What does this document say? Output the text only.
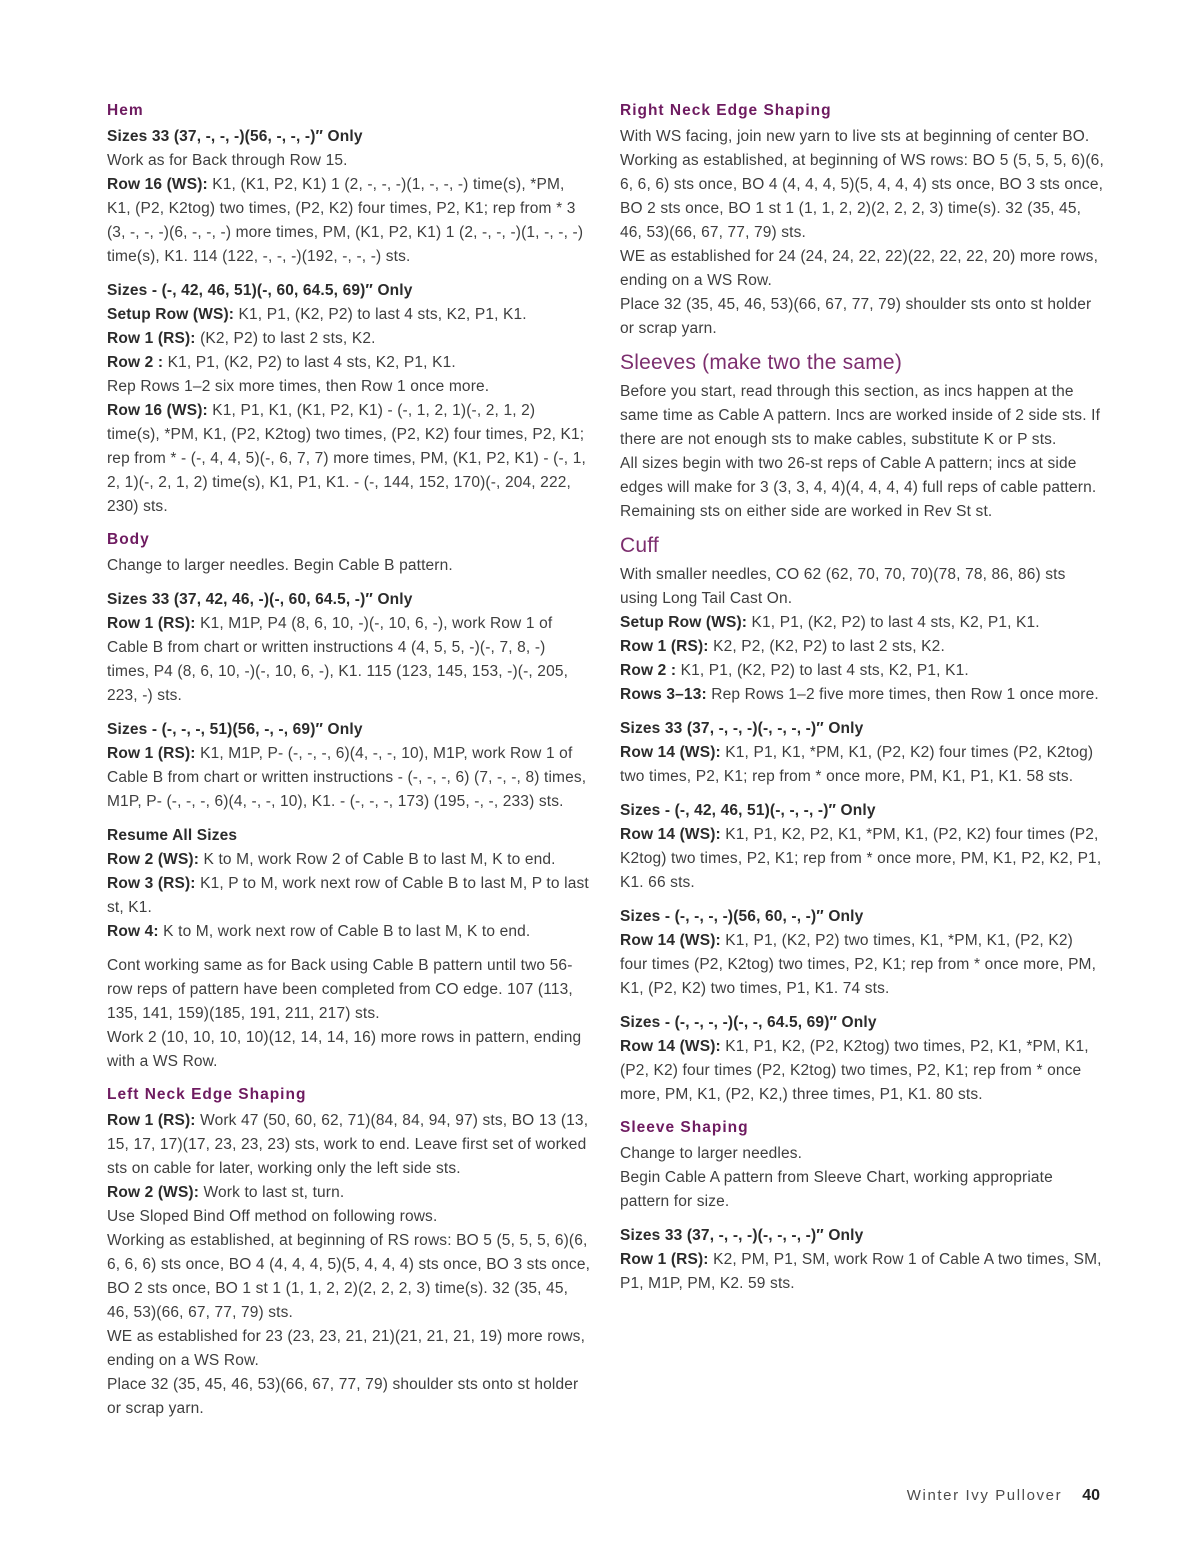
Hem

Sizes 33 (37, -, -, -)(56, -, -, -)″ Only

Work as for Back through Row 15.

Row 16 (WS): K1, (K1, P2, K1) 1 (2, -, -, -)(1, -, -, -) time(s), *PM, K1, (P2, K2tog) two times, (P2, K2) four times, P2, K1; rep from * 3 (3, -, -, -)(6, -, -, -) more times, PM, (K1, P2, K1) 1 (2, -, -, -)(1, -, -, -) time(s), K1. 114 (122, -, -, -)(192, -, -, -) sts.

Sizes - (-, 42, 46, 51)(-, 60, 64.5, 69)″ Only

Setup Row (WS): K1, P1, (K2, P2) to last 4 sts, K2, P1, K1.

Row 1 (RS): (K2, P2) to last 2 sts, K2.

Row 2 : K1, P1, (K2, P2) to last 4 sts, K2, P1, K1.

Rep Rows 1–2 six more times, then Row 1 once more.

Row 16 (WS): K1, P1, K1, (K1, P2, K1) - (-, 1, 2, 1)(-, 2, 1, 2) time(s), *PM, K1, (P2, K2tog) two times, (P2, K2) four times, P2, K1; rep from * - (-, 4, 4, 5)(-, 6, 7, 7) more times, PM, (K1, P2, K1) - (-, 1, 2, 1)(-, 2, 1, 2) time(s), K1, P1, K1. - (-, 144, 152, 170)(-, 204, 222, 230) sts.

Body

Change to larger needles. Begin Cable B pattern.

Sizes 33 (37, 42, 46, -)(-, 60, 64.5, -)″ Only

Row 1 (RS): K1, M1P, P4 (8, 6, 10, -)(-, 10, 6, -), work Row 1 of Cable B from chart or written instructions 4 (4, 5, 5, -)(-, 7, 8, -) times, P4 (8, 6, 10, -)(-, 10, 6, -), K1. 115 (123, 145, 153, -)(-, 205, 223, -) sts.

Sizes - (-, -, -, 51)(56, -, -, 69)″ Only

Row 1 (RS): K1, M1P, P- (-, -, -, 6)(4, -, -, 10), M1P, work Row 1 of Cable B from chart or written instructions - (-, -, -, 6) (7, -, -, 8) times, M1P, P- (-, -, -, 6)(4, -, -, 10), K1. - (-, -, -, 173) (195, -, -, 233) sts.

Resume All Sizes

Row 2 (WS): K to M, work Row 2 of Cable B to last M, K to end.

Row 3 (RS): K1, P to M, work next row of Cable B to last M, P to last st, K1.

Row 4: K to M, work next row of Cable B to last M, K to end.

Cont working same as for Back using Cable B pattern until two 56-row reps of pattern have been completed from CO edge. 107 (113, 135, 141, 159)(185, 191, 211, 217) sts.

Work 2 (10, 10, 10, 10)(12, 14, 14, 16) more rows in pattern, ending with a WS Row.

Left Neck Edge Shaping

Row 1 (RS): Work 47 (50, 60, 62, 71)(84, 84, 94, 97) sts, BO 13 (13, 15, 17, 17)(17, 23, 23, 23) sts, work to end. Leave first set of worked sts on cable for later, working only the left side sts.

Row 2 (WS): Work to last st, turn.

Use Sloped Bind Off method on following rows.

Working as established, at beginning of RS rows: BO 5 (5, 5, 5, 6)(6, 6, 6, 6) sts once, BO 4 (4, 4, 4, 5)(5, 4, 4, 4) sts once, BO 3 sts once, BO 2 sts once, BO 1 st 1 (1, 1, 2, 2)(2, 2, 2, 3) time(s). 32 (35, 45, 46, 53)(66, 67, 77, 79) sts.

WE as established for 23 (23, 23, 21, 21)(21, 21, 21, 19) more rows, ending on a WS Row.

Place 32 (35, 45, 46, 53)(66, 67, 77, 79) shoulder sts onto st holder or scrap yarn.

Right Neck Edge Shaping

With WS facing, join new yarn to live sts at beginning of center BO.

Working as established, at beginning of WS rows: BO 5 (5, 5, 5, 6)(6, 6, 6, 6) sts once, BO 4 (4, 4, 4, 5)(5, 4, 4, 4) sts once, BO 3 sts once, BO 2 sts once, BO 1 st 1 (1, 1, 2, 2)(2, 2, 2, 3) time(s). 32 (35, 45, 46, 53)(66, 67, 77, 79) sts.

WE as established for 24 (24, 24, 22, 22)(22, 22, 22, 20) more rows, ending on a WS Row.

Place 32 (35, 45, 46, 53)(66, 67, 77, 79) shoulder sts onto st holder or scrap yarn.

Sleeves (make two the same)

Before you start, read through this section, as incs happen at the same time as Cable A pattern. Incs are worked inside of 2 side sts. If there are not enough sts to make cables, substitute K or P sts.

All sizes begin with two 26-st reps of Cable A pattern; incs at side edges will make for 3 (3, 3, 4, 4)(4, 4, 4, 4) full reps of cable pattern. Remaining sts on either side are worked in Rev St st.

Cuff

With smaller needles, CO 62 (62, 70, 70, 70)(78, 78, 86, 86) sts using Long Tail Cast On.

Setup Row (WS): K1, P1, (K2, P2) to last 4 sts, K2, P1, K1.

Row 1 (RS): K2, P2, (K2, P2) to last 2 sts, K2.

Row 2 : K1, P1, (K2, P2) to last 4 sts, K2, P1, K1.

Rows 3–13: Rep Rows 1–2 five more times, then Row 1 once more.

Sizes 33 (37, -, -, -)(-, -, -, -)″ Only

Row 14 (WS): K1, P1, K1, *PM, K1, (P2, K2) four times (P2, K2tog) two times, P2, K1; rep from * once more, PM, K1, P1, K1. 58 sts.

Sizes - (-, 42, 46, 51)(-, -, -, -)″ Only

Row 14 (WS): K1, P1, K2, P2, K1, *PM, K1, (P2, K2) four times (P2, K2tog) two times, P2, K1; rep from * once more, PM, K1, P2, K2, P1, K1. 66 sts.

Sizes - (-, -, -, -)(56, 60, -, -)″ Only

Row 14 (WS): K1, P1, (K2, P2) two times, K1, *PM, K1, (P2, K2) four times (P2, K2tog) two times, P2, K1; rep from * once more, PM, K1, (P2, K2) two times, P1, K1. 74 sts.

Sizes - (-, -, -, -)(-, -, 64.5, 69)″ Only

Row 14 (WS): K1, P1, K2, (P2, K2tog) two times, P2, K1, *PM, K1, (P2, K2) four times (P2, K2tog) two times, P2, K1; rep from * once more, PM, K1, (P2, K2,) three times, P1, K1. 80 sts.

Sleeve Shaping

Change to larger needles.

Begin Cable A pattern from Sleeve Chart, working appropriate pattern for size.

Sizes 33 (37, -, -, -)(-, -, -, -)″ Only

Row 1 (RS): K2, PM, P1, SM, work Row 1 of Cable A two times, SM, P1, M1P, PM, K2. 59 sts.

Winter Ivy Pullover 40
